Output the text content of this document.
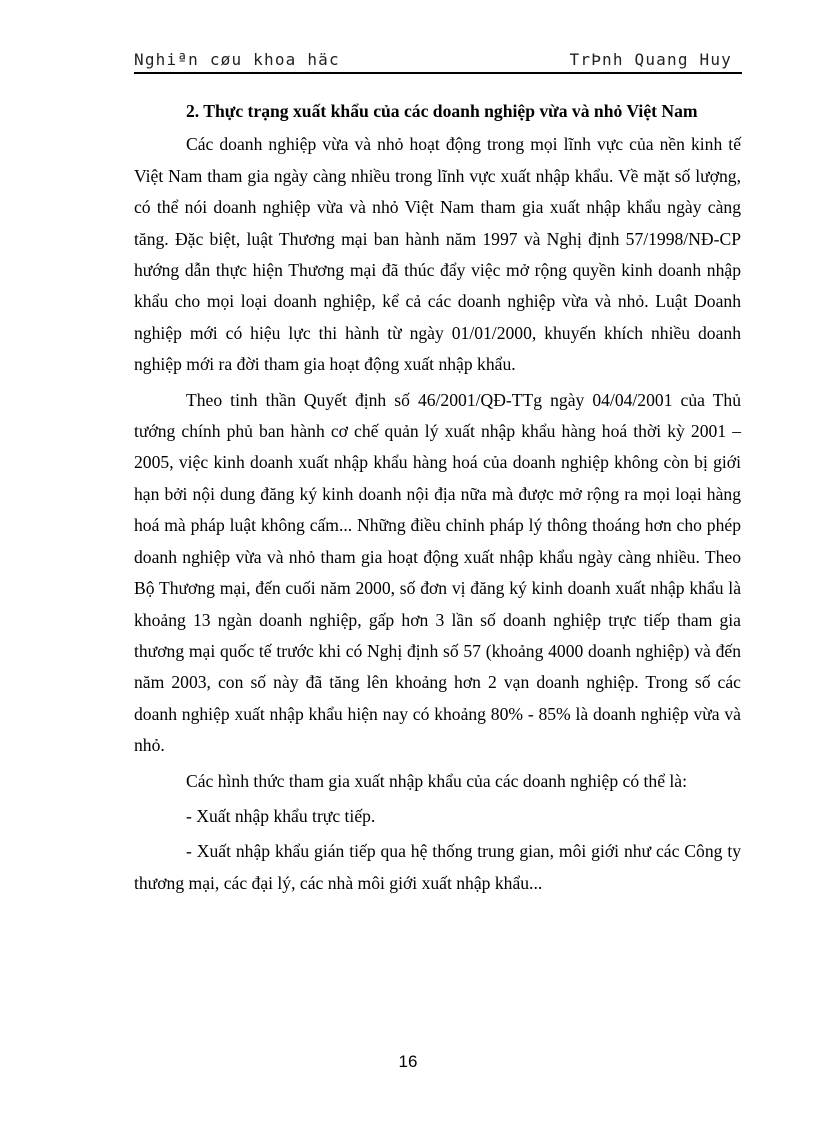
Nghiªn cøu khoa häc	TrÞnh Quang Huy

2. Thực trạng xuất khẩu của các doanh nghiệp vừa và nhỏ Việt Nam

Các doanh nghiệp vừa và nhỏ hoạt động trong mọi lĩnh vực của nền kinh tế Việt Nam tham gia ngày càng nhiều trong lĩnh vực xuất nhập khẩu. Về mặt số lượng, có thể nói doanh nghiệp vừa và nhỏ Việt Nam tham gia xuất nhập khẩu ngày càng tăng. Đặc biệt, luật Thương mại ban hành năm 1997 và Nghị định 57/1998/NĐ-CP hướng dẫn thực hiện Thương mại đã thúc đẩy việc mở rộng quyền kinh doanh nhập khẩu cho mọi loại doanh nghiệp, kể cả các doanh nghiệp vừa và nhỏ. Luật Doanh nghiệp mới có hiệu lực thi hành từ ngày 01/01/2000, khuyến khích nhiều doanh nghiệp mới ra đời tham gia hoạt động xuất nhập khẩu.

Theo tinh thần Quyết định số 46/2001/QĐ-TTg ngày 04/04/2001 của Thủ tướng chính phủ ban hành cơ chế quản lý xuất nhập khẩu hàng hoá thời kỳ 2001 – 2005, việc kinh doanh xuất nhập khẩu hàng hoá của doanh nghiệp không còn bị giới hạn bởi nội dung đăng ký kinh doanh nội địa nữa mà được mở rộng ra mọi loại hàng hoá mà pháp luật không cấm... Những điều chỉnh pháp lý thông thoáng hơn cho phép doanh nghiệp vừa và nhỏ tham gia hoạt động xuất nhập khẩu ngày càng nhiều. Theo Bộ Thương mại, đến cuối năm 2000, số đơn vị đăng ký kinh doanh xuất nhập khẩu là khoảng 13 ngàn doanh nghiệp, gấp hơn 3 lần số doanh nghiệp trực tiếp tham gia thương mại quốc tế trước khi có Nghị định số 57 (khoảng 4000 doanh nghiệp) và đến năm 2003, con số này đã tăng lên khoảng hơn 2 vạn doanh nghiệp. Trong số các doanh nghiệp xuất nhập khẩu hiện nay có khoảng 80% - 85% là doanh nghiệp vừa và nhỏ.

Các hình thức tham gia xuất nhập khẩu của các doanh nghiệp có thể là:

- Xuất nhập khẩu trực tiếp.

- Xuất nhập khẩu gián tiếp qua hệ thống trung gian, môi giới như các Công ty thương mại, các đại lý, các nhà môi giới xuất nhập khẩu...

16
